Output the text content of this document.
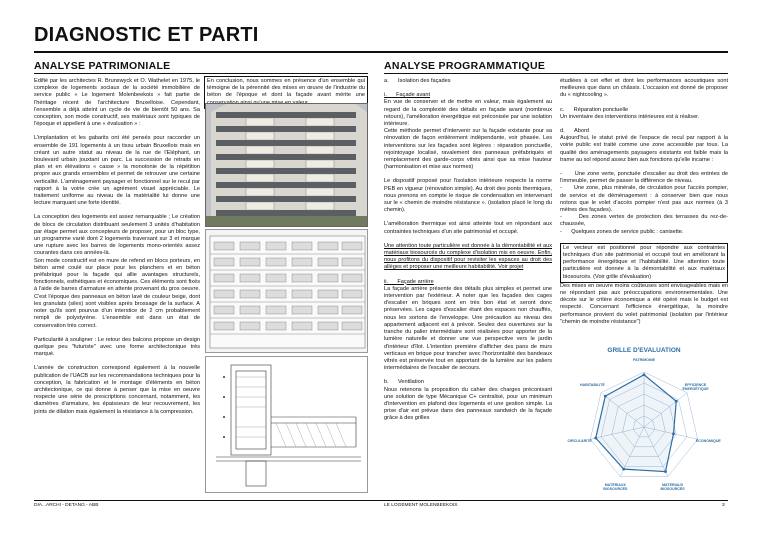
DIAGNOSTIC ET PARTI
ANALYSE PATRIMONIALE

Edifié par les architectes R. Brunswyck et O. Wathelet en 1975, le complexe de logements sociaux de la société immobilière de service public « Le logement Molenbeekois » fait partie de l'héritage récent de l'architecture Bruxelloise. Cependant, l'ensemble a déjà atteint un cycle de vie de bientôt 50 ans. Sa conception, son mode constructif, ses matériaux sont typiques de l'époque et appellent à une « évaluation » :

L'implantation et les gabarits ont été pensés pour raccorder un ensemble de 191 logements à un tissu urbain Bruxellois mais en créant un autre statut au niveau de la rue de l'Eléphant, un boulevard urbain jouxtant un parc. La succession de retraits en plan et en élévations « casse » la monotonie de la répétition propre aux grands ensembles et permet de retrouver une certaine verticalité. L'aménagement paysager et fonctionnel sur le recul par rapport à la voirie crée un agrément visuel appréciable. Le traitement uniforme au niveau de la matérialité lui donne une lecture marquant une forte identité.

La conception des logements est assez remarquable ; Le création de blocs de circulation distribuant seulement 3 unités d'habitation par étage permet aux concepteurs de proposer, pour un bloc type, un programme varié dont 2 logements traversant sur 3 et marque une rupture avec les barres de logements mono-orientés assez courantes dans ces années-là.

Son mode constructif est en mure de refend en blocs porteurs, en béton armé coulé sur place pour les planchers et en béton préfabriqué pour la façade qui allie avantages structurels, fonctionnels, esthétiques et économiques. Ces éléments sont fixés à l'aide de barres d'armature en attente provenant du gros oeuvre. C'est l'époque des panneaux en béton lavé de couleur beige, dont les granulats (silex) sont visibles après brossage de la surface. A noter qu'ils sont pourvus d'un interstice de 2 cm probablement rempli de polystyrène. L'ensemble est dans un état de conservation très correct.

Particularité à souligner : Le retour des balcons propose un design quelque peu "futuriste" avec une forme architectonique très marqué.

L'année de construction correspond également à la nouvelle publication de l'UACB sur les recommandations techniques pour la conception, la fabrication et le montage d'éléments en béton architectonique, ce qui donne à penser que la mise en oeuvre respecte une série de prescriptions concernant, notamment, les diamètres d'armature, les épaisseurs de leur recouvrement, les joints de dilation mais également la résistance à la compression.

En conclusion, nous sommes en présence d'un ensemble qui témoigne de la pérennité des mises en œuvre de l'industrie du béton de l'époque et dont la façade avant mérite une
ANALYSE PROGRAMMATIQUE

a.      Isolation des façades

i.      Façade avant

En vue de conserver et de mettre en valeur, mais également au regard de la complexité des détails en façade avant (nombreux retours), l'amélioration énergétique est préconisée par une isolation intérieure.

Cette méthode permet d'intervenir sur la façade existante pour sa rénovation de façon entièrement indépendante, voir phasée. Les interventions sur les façades sont légères : réparation ponctuelle, rejointoyage localisé, ravalement des panneaux préfabriqués et remplacement des garde-corps vitrés ainsi que sa mise hauteur (harmonisation et mise aux normes)

Le dispositif proposé pour l'isolation intérieure respecte la norme PEB en vigueur (rénovation simple). Au droit des ponts thermiques, nous prenons en compte le risque de condensation en intervenant sur le « chemin de moindre résistance ». (isolation placé le long du chemin).

L'amélioration thermique est ainsi atteinte tout en répondant aux contraintes techniques d'un site patrimonial et occupé.

Une attention toute particulière est donnée à la démontabilité et aux matériaux biosourcés du complexe d'isolation mis en oeuvre. Enfin, nous profitons du dispositif pour revisiter les espaces au droit des allèges et proposer une meilleure habitabilité. Voir projet

ii.      Façade arrière

La façade arrière présente des détails plus simples et permet une intervention par l'extérieur. A noter que les façades des cages d'escalier en briques sont en très bon état et seront donc préservées. Les cages d'escalier étant des espaces non chauffés, nous les sortons de l'enveloppe. Une précaution au niveau des appartement adjacent est à prévoir. Seules des ouvertures sur la tranche du palier intermédiaire sont réalisées pour apporter de la lumière naturelle et donner une vue perspective vers le jardin d'intérieur d'îlot. L'intention première d'afficher des pans de murs verticaux en brique pour trancher avec l'horizontalité des bandeaux vitrés est préservée tout en apportant de la lumière sur les paliers intermédiaires de l'escalier de secours.

b.      Ventilation

Nous retenons la proposition du cahier des charges préconisant une solution de type Mécanique C+ centralisé, pour un minimum d'intervention en plafond des logements et une gestion simple. La prise d'air est prévue dans des panneaux sandwich de la façade grâce à des grilles

étudiées à cet effet et dont les performances acoustiques sont meilleures que dans un châssis. L'occasion est donné de proposer du « nightcooling ».

c.      Réparation ponctuelle

Un inventaire des interventions intérieures est à réaliser.

d.      Abord

Aujourd'hui, le statut privé de l'espace de recul par rapport à la voirie public est traité comme une zone accessible par tous. La qualité des aménagements paysagers existants est faible mais la trame au sol répond assez bien aux fonctions qu'elle incarne :

-      Une zone verte, ponctuée d'escalier au droit des entrées de l'immeuble, permet de passer la différence de niveau.

-      Une zone, plus minérale, de circulation pour l'accès pompier, de service et de déménagement : à conserver bien que nous notons que le volet d'accès pompier n'est pas aux normes (à 3 mètres des façades).

-      Des zones vertes de protection des terrasses du rez-de-chaussée,

-      Quelques zones de service public : canisette.

Le vecteur est positionné pour répondre aux contraintes techniques d'un site patrimonial et occupé tout en améliorant la performance énergétique et l'habitabilité. Une attention toute particulière est donnée à la démontabilité et aux matériaux biosourcés. (Voir grille d'évaluation)

Des mises en oeuvre moins coûteuses sont envisageables mais en ne répondant pas aux préoccupations environnementales. Une décote sur le critère économique a été opéré mais le budget est respecté. Concernant l'efficience énergétique, la moindre performance provient du volet patrimonial (isolation par l'intérieur "chemin de moindre résistance")

GRILLE D'EVALUATION
PATRIMOINE
EFFICIENCE ÉNERGÉTIQUE
ÉCONOMIQUE
MATÉRIAUX BIOSOURCÉS
MATÉRIAUX BIOSOURCÉS
CIRCULARITÉ
HABITABILITÉ
DIA...ARCHI - DETANG - ABB	LE LOGEMENT MOLENBEEKOIS	3
